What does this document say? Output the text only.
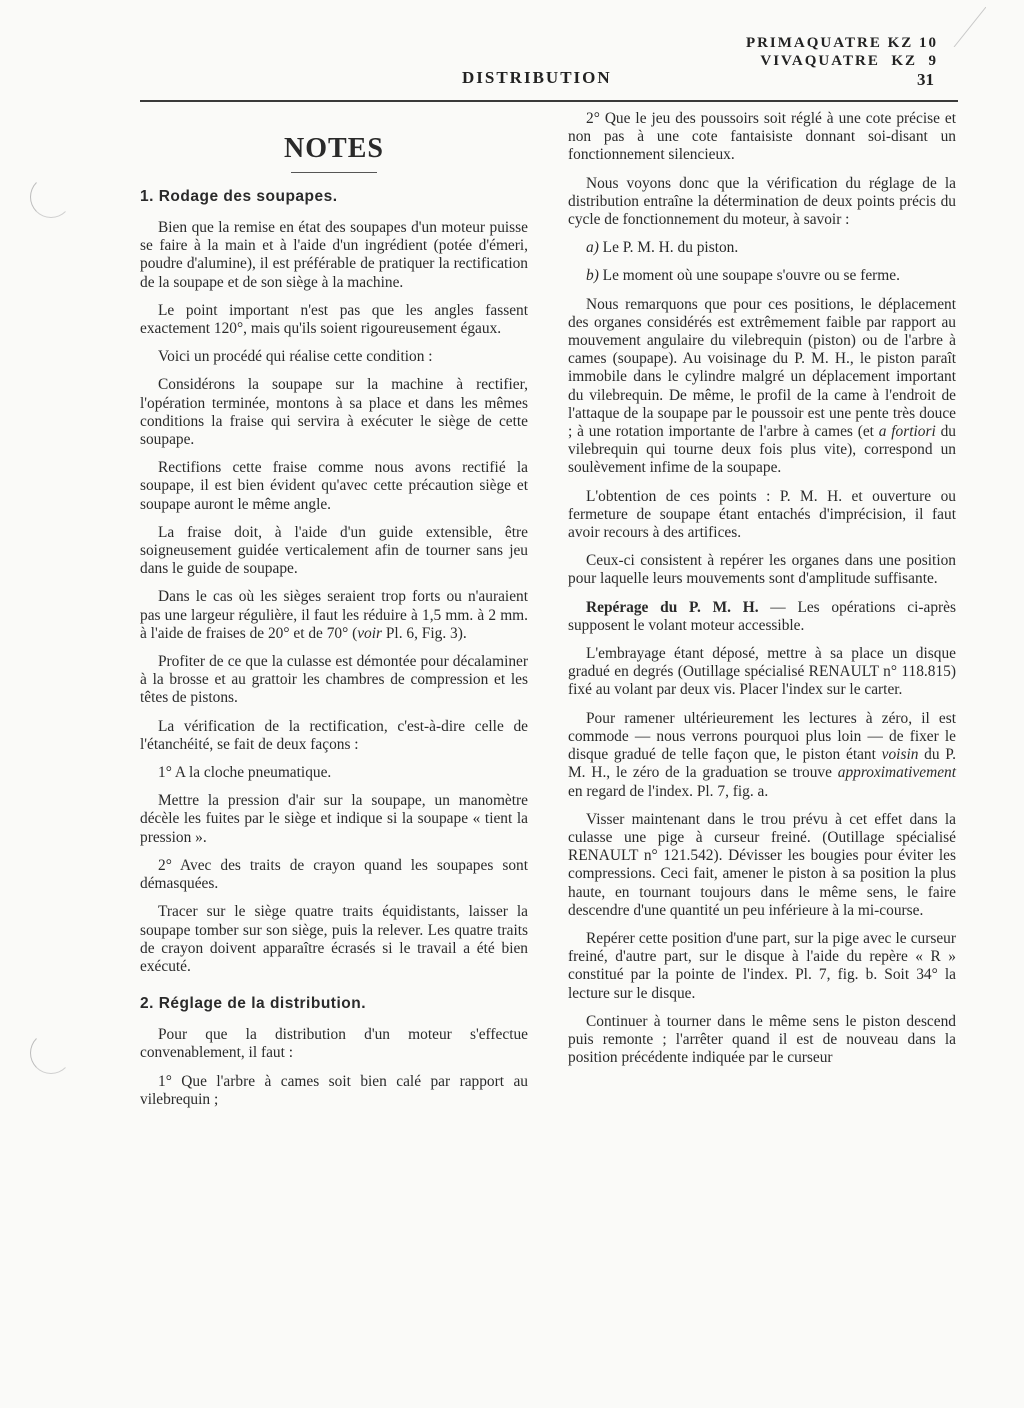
PRIMAQUATRE KZ 10
VIVAQUATRE  KZ  9
DISTRIBUTION	31
NOTES
1. Rodage des soupapes.

Bien que la remise en état des soupapes d'un moteur puisse se faire à la main et à l'aide d'un ingrédient (potée d'émeri, poudre d'alumine), il est préférable de pratiquer la rectification de la soupape et de son siège à la machine.

Le point important n'est pas que les angles fassent exactement 120°, mais qu'ils soient rigoureusement égaux.

Voici un procédé qui réalise cette condition :

Considérons la soupape sur la machine à rectifier, l'opération terminée, montons à sa place et dans les mêmes conditions la fraise qui servira à exécuter le siège de cette soupape.

Rectifions cette fraise comme nous avons rectifié la soupape, il est bien évident qu'avec cette précaution siège et soupape auront le même angle.

La fraise doit, à l'aide d'un guide extensible, être soigneusement guidée verticalement afin de tourner sans jeu dans le guide de soupape.

Dans le cas où les sièges seraient trop forts ou n'auraient pas une largeur régulière, il faut les réduire à 1,5 mm. à 2 mm. à l'aide de fraises de 20° et de 70° (voir Pl. 6, Fig. 3).

Profiter de ce que la culasse est démontée pour décalaminer à la brosse et au grattoir les chambres de compression et les têtes de pistons.

La vérification de la rectification, c'est-à-dire celle de l'étanchéité, se fait de deux façons :

1° A la cloche pneumatique.

Mettre la pression d'air sur la soupape, un manomètre décèle les fuites par le siège et indique si la soupape « tient la pression ».

2° Avec des traits de crayon quand les soupapes sont démasquées.

Tracer sur le siège quatre traits équidistants, laisser la soupape tomber sur son siège, puis la relever. Les quatre traits de crayon doivent apparaître écrasés si le travail a été bien exécuté.

2. Réglage de la distribution.

Pour que la distribution d'un moteur s'effectue convenablement, il faut :

1° Que l'arbre à cames soit bien calé par rapport au vilebrequin ;

2° Que le jeu des poussoirs soit réglé à une cote précise et non pas à une cote fantaisiste donnant soi-disant un fonctionnement silencieux.

Nous voyons donc que la vérification du réglage de la distribution entraîne la détermination de deux points précis du cycle de fonctionnement du moteur, à savoir :

a) Le P. M. H. du piston.

b) Le moment où une soupape s'ouvre ou se ferme.

Nous remarquons que pour ces positions, le déplacement des organes considérés est extrêmement faible par rapport au mouvement angulaire du vilebrequin (piston) ou de l'arbre à cames (soupape). Au voisinage du P. M. H., le piston paraît immobile dans le cylindre malgré un déplacement important du vilebrequin. De même, le profil de la came à l'endroit de l'attaque de la soupape par le poussoir est une pente très douce ; à une rotation importante de l'arbre à cames (et a fortiori du vilebrequin qui tourne deux fois plus vite), correspond un soulèvement infime de la soupape.

L'obtention de ces points : P. M. H. et ouverture ou fermeture de soupape étant entachés d'imprécision, il faut avoir recours à des artifices.

Ceux-ci consistent à repérer les organes dans une position pour laquelle leurs mouvements sont d'amplitude suffisante.

Repérage du P. M. H. — Les opérations ci-après supposent le volant moteur accessible.

L'embrayage étant déposé, mettre à sa place un disque gradué en degrés (Outillage spécialisé RENAULT n° 118.815) fixé au volant par deux vis. Placer l'index sur le carter.

Pour ramener ultérieurement les lectures à zéro, il est commode — nous verrons pourquoi plus loin — de fixer le disque gradué de telle façon que, le piston étant voisin du P. M. H., le zéro de la graduation se trouve approximativement en regard de l'index. Pl. 7, fig. a.

Visser maintenant dans le trou prévu à cet effet dans la culasse une pige à curseur freiné. (Outillage spécialisé RENAULT n° 121.542). Dévisser les bougies pour éviter les compressions. Ceci fait, amener le piston à sa position la plus haute, en tournant toujours dans le même sens, le faire descendre d'une quantité un peu inférieure à la mi-course.

Repérer cette position d'une part, sur la pige avec le curseur freiné, d'autre part, sur le disque à l'aide du repère « R » constitué par la pointe de l'index. Pl. 7, fig. b. Soit 34° la lecture sur le disque.

Continuer à tourner dans le même sens le piston descend puis remonte ; l'arrêter quand il est de nouveau dans la position précédente indiquée par le curseur
